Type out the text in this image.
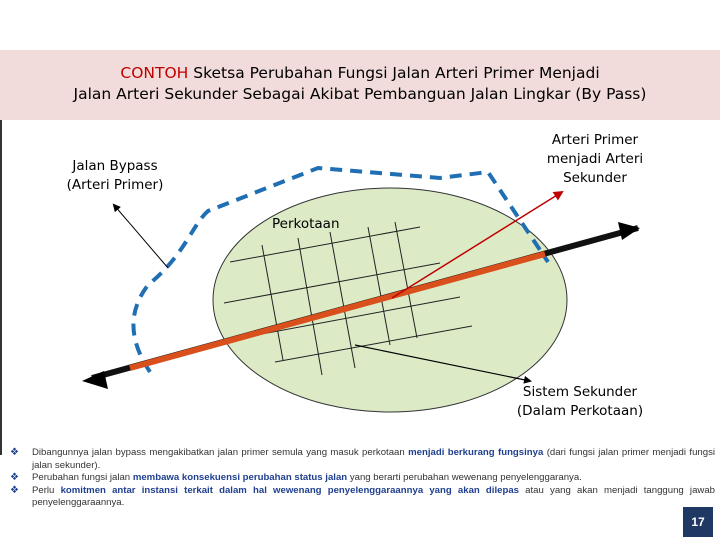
CONTOH Sketsa Perubahan Fungsi Jalan Arteri Primer Menjadi
Jalan Arteri Sekunder Sebagai Akibat Pembanguan Jalan Lingkar (By Pass)
Jalan Bypass
(Arteri Primer)
Arteri Primer
menjadi Arteri
Sekunder
Perkotaan
Sistem Sekunder
(Dalam Perkotaan)
❖	Dibangunnya jalan bypass mengakibatkan jalan primer semula yang masuk perkotaan menjadi berkurang fungsinya (dari fungsi jalan primer menjadi fungsi jalan sekunder).
❖	Perubahan fungsi jalan membawa konsekuensi perubahan status jalan yang berarti perubahan wewenang penyelenggaranya.
❖	Perlu komitmen antar instansi terkait dalam hal wewenang penyelenggaraannya yang akan dilepas atau yang akan menjadi tanggung jawab penyelenggaraannya.
17
